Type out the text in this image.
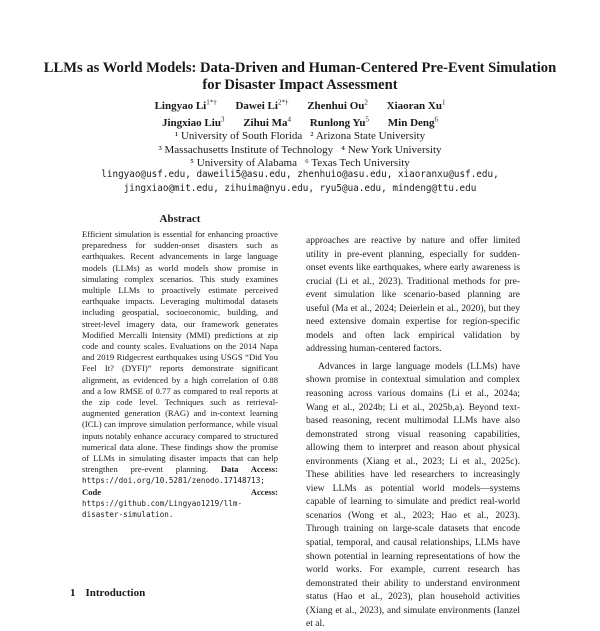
LLMs as World Models: Data-Driven and Human-Centered Pre-Event Simulation for Disaster Impact Assessment
Lingyao $Li^{1*\dagger}$ Dawei $Li^{2*\dagger}$ Zhenhui Ou$^2$ Xiaoran Xu$^1$
Jingxiao Liu$^3$ Zihui Ma$^4$ Runlong Yu$^5$ Min Deng$^6$
¹ University of South Florida ² Arizona State University
³ Massachusetts Institute of Technology ⁴ New York University
⁵ University of Alabama ⁶ Texas Tech University
lingyao@usf.edu, daweili5@asu.edu, zhenhuio@asu.edu, xiaoranxu@usf.edu,
jingxiao@mit.edu, zihuima@nyu.edu, ryu5@ua.edu, mindeng@ttu.edu
Abstract
Efficient simulation is essential for enhancing proactive preparedness for sudden-onset disasters such as earthquakes. Recent advancements in large language models (LLMs) as world models show promise in simulating complex scenarios. This study examines multiple LLMs to proactively estimate perceived earthquake impacts. Leveraging multimodal datasets including geospatial, socioeconomic, building, and street-level imagery data, our framework generates Modified Mercalli Intensity (MMI) predictions at zip code and county scales. Evaluations on the 2014 Napa and 2019 Ridgecrest earthquakes using USGS “Did You Feel It? (DYFI)” reports demonstrate significant alignment, as evidenced by a high correlation of 0.88 and a low RMSE of 0.77 as compared to real reports at the zip code level. Techniques such as retrieval-augmented generation (RAG) and in-context learning (ICL) can improve simulation performance, while visual inputs notably enhance accuracy compared to structured numerical data alone. These findings show the promise of LLMs in simulating disaster impacts that can help strengthen pre-event planning. Data Access: https://doi.org/10.5281/zenodo.17148713; Code Access: https://github.com/Lingyao1219/llm-disaster-simulation.
1 Introduction

approaches are reactive by nature and offer limited utility in pre-event planning, especially for sudden-onset events like earthquakes, where early awareness is crucial (Li et al., 2023). Traditional methods for pre-event simulation like scenario-based planning are useful (Ma et al., 2024; Deierlein et al., 2020), but they need extensive domain expertise for region-specific models and often lack empirical validation by addressing human-centered factors.

Advances in large language models (LLMs) have shown promise in contextual simulation and complex reasoning across various domains (Li et al., 2024a; Wang et al., 2024b; Li et al., 2025b,a). Beyond text-based reasoning, recent multimodal LLMs have also demonstrated strong visual reasoning capabilities, allowing them to interpret and reason about physical environments (Xiang et al., 2023; Li et al., 2025c). These abilities have led researchers to increasingly view LLMs as potential world models—systems capable of learning to simulate and predict real-world scenarios (Wong et al., 2023; Hao et al., 2023). Through training on large-scale datasets that encode spatial, temporal, and causal relationships, LLMs have shown potential in learning representations of how the world works. For example, current research has demonstrated their ability to understand environment status (Hao et al., 2023), plan household activities (Xiang et al., 2023), and simulate environments (Ianzel et al.
